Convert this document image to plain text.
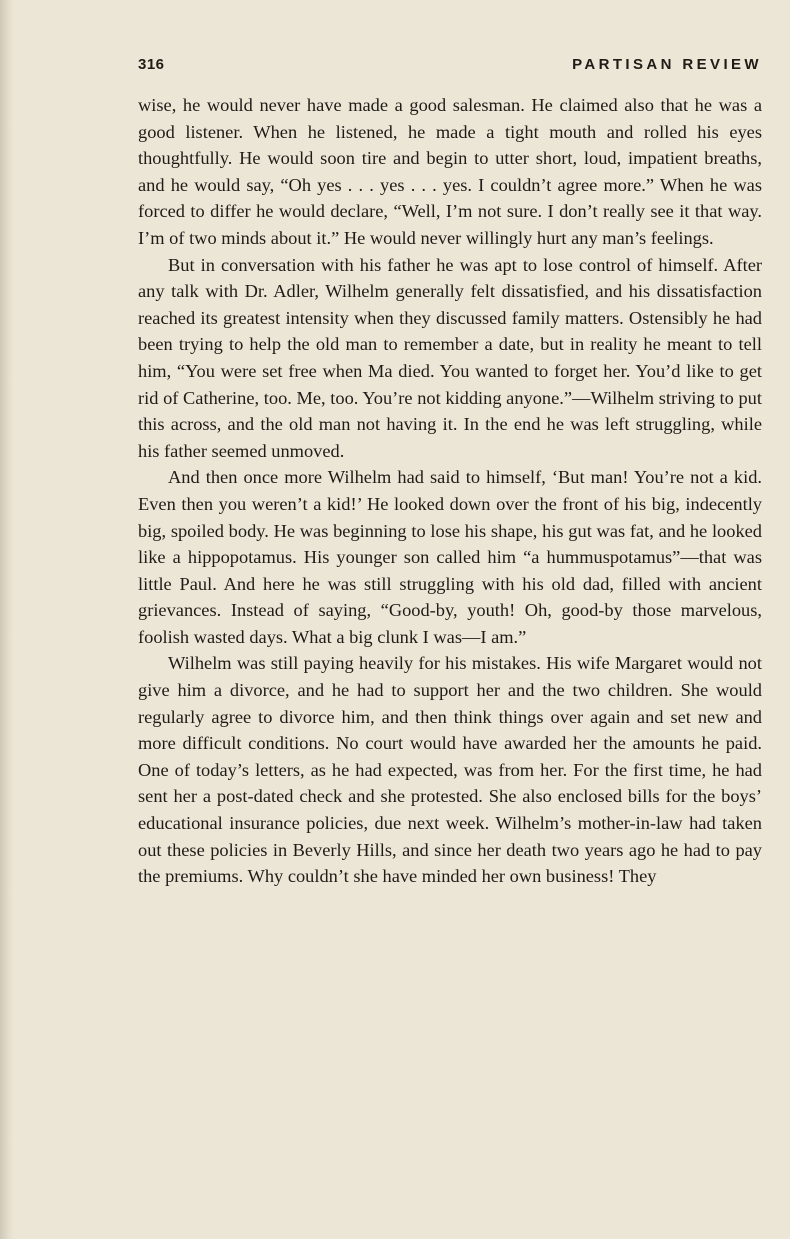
316	PARTISAN REVIEW

wise, he would never have made a good salesman. He claimed also that he was a good listener. When he listened, he made a tight mouth and rolled his eyes thoughtfully. He would soon tire and begin to utter short, loud, impatient breaths, and he would say, “Oh yes . . . yes . . . yes. I couldn’t agree more.” When he was forced to differ he would declare, “Well, I’m not sure. I don’t really see it that way. I’m of two minds about it.” He would never willingly hurt any man’s feelings.

But in conversation with his father he was apt to lose control of himself. After any talk with Dr. Adler, Wilhelm generally felt dissatisfied, and his dissatisfaction reached its greatest intensity when they discussed family matters. Ostensibly he had been trying to help the old man to remember a date, but in reality he meant to tell him, “You were set free when Ma died. You wanted to forget her. You’d like to get rid of Catherine, too. Me, too. You’re not kidding anyone.”—Wilhelm striving to put this across, and the old man not having it. In the end he was left struggling, while his father seemed unmoved.

And then once more Wilhelm had said to himself, ‘But man! You’re not a kid. Even then you weren’t a kid!’ He looked down over the front of his big, indecently big, spoiled body. He was beginning to lose his shape, his gut was fat, and he looked like a hippopotamus. His younger son called him “a hummuspotamus”—that was little Paul. And here he was still struggling with his old dad, filled with ancient grievances. Instead of saying, “Good-by, youth! Oh, good-by those marvelous, foolish wasted days. What a big clunk I was—I am.”

Wilhelm was still paying heavily for his mistakes. His wife Margaret would not give him a divorce, and he had to support her and the two children. She would regularly agree to divorce him, and then think things over again and set new and more difficult conditions. No court would have awarded her the amounts he paid. One of today’s letters, as he had expected, was from her. For the first time, he had sent her a post-dated check and she protested. She also enclosed bills for the boys’ educational insurance policies, due next week. Wilhelm’s mother-in-law had taken out these policies in Beverly Hills, and since her death two years ago he had to pay the premiums. Why couldn’t she have minded her own business! They
